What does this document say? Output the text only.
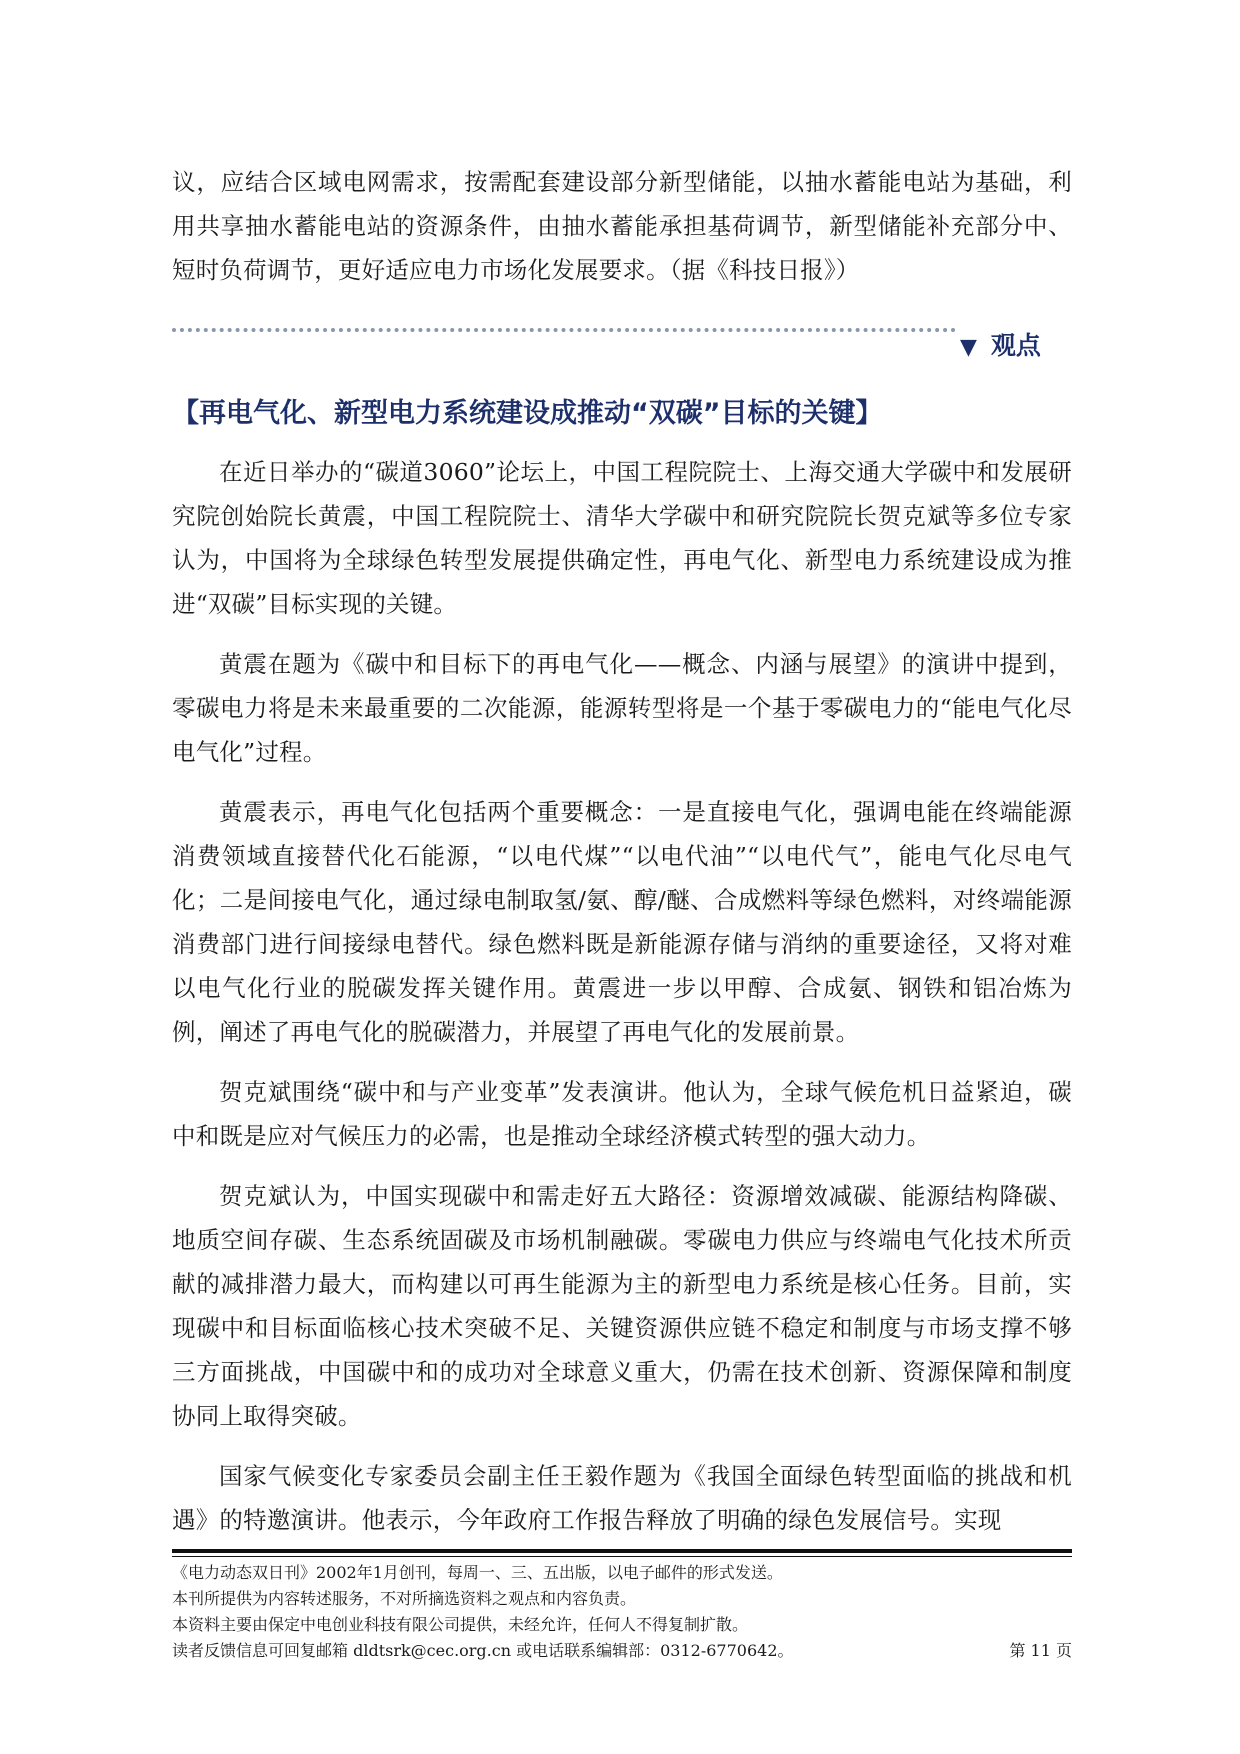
议，应结合区域电网需求，按需配套建设部分新型储能，以抽水蓄能电站为基础，利用共享抽水蓄能电站的资源条件，由抽水蓄能承担基荷调节，新型储能补充部分中、短时负荷调节，更好适应电力市场化发展要求。（据《科技日报》）

▼ 观点
【再电气化、新型电力系统建设成推动“双碳”目标的关键】

在近日举办的“碳道3060”论坛上，中国工程院院士、上海交通大学碳中和发展研究院创始院长黄震，中国工程院院士、清华大学碳中和研究院院长贺克斌等多位专家认为，中国将为全球绿色转型发展提供确定性，再电气化、新型电力系统建设成为推进“双碳”目标实现的关键。

黄震在题为《碳中和目标下的再电气化——概念、内涵与展望》的演讲中提到，零碳电力将是未来最重要的二次能源，能源转型将是一个基于零碳电力的“能电气化尽电气化”过程。

黄震表示，再电气化包括两个重要概念：一是直接电气化，强调电能在终端能源消费领域直接替代化石能源，“以电代煤”“以电代油”“以电代气”，能电气化尽电气化；二是间接电气化，通过绿电制取氢/氨、醇/醚、合成燃料等绿色燃料，对终端能源消费部门进行间接绿电替代。绿色燃料既是新能源存储与消纳的重要途径，又将对难以电气化行业的脱碳发挥关键作用。黄震进一步以甲醇、合成氨、钢铁和铝冶炼为例，阐述了再电气化的脱碳潜力，并展望了再电气化的发展前景。

贺克斌围绕“碳中和与产业变革”发表演讲。他认为，全球气候危机日益紧迫，碳中和既是应对气候压力的必需，也是推动全球经济模式转型的强大动力。

贺克斌认为，中国实现碳中和需走好五大路径：资源增效减碳、能源结构降碳、地质空间存碳、生态系统固碳及市场机制融碳。零碳电力供应与终端电气化技术所贡献的减排潜力最大，而构建以可再生能源为主的新型电力系统是核心任务。目前，实现碳中和目标面临核心技术突破不足、关键资源供应链不稳定和制度与市场支撑不够三方面挑战，中国碳中和的成功对全球意义重大，仍需在技术创新、资源保障和制度协同上取得突破。

国家气候变化专家委员会副主任王毅作题为《我国全面绿色转型面临的挑战和机遇》的特邀演讲。他表示，今年政府工作报告释放了明确的绿色发展信号。实现

《电力动态双日刊》2002年1月创刊，每周一、三、五出版，以电子邮件的形式发送。
本刊所提供为内容转述服务，不对所摘选资料之观点和内容负责。
本资料主要由保定中电创业科技有限公司提供，未经允许，任何人不得复制扩散。
读者反馈信息可回复邮箱 dldtsrk@cec.org.cn 或电话联系编辑部：0312-6770642。	第 11 页
